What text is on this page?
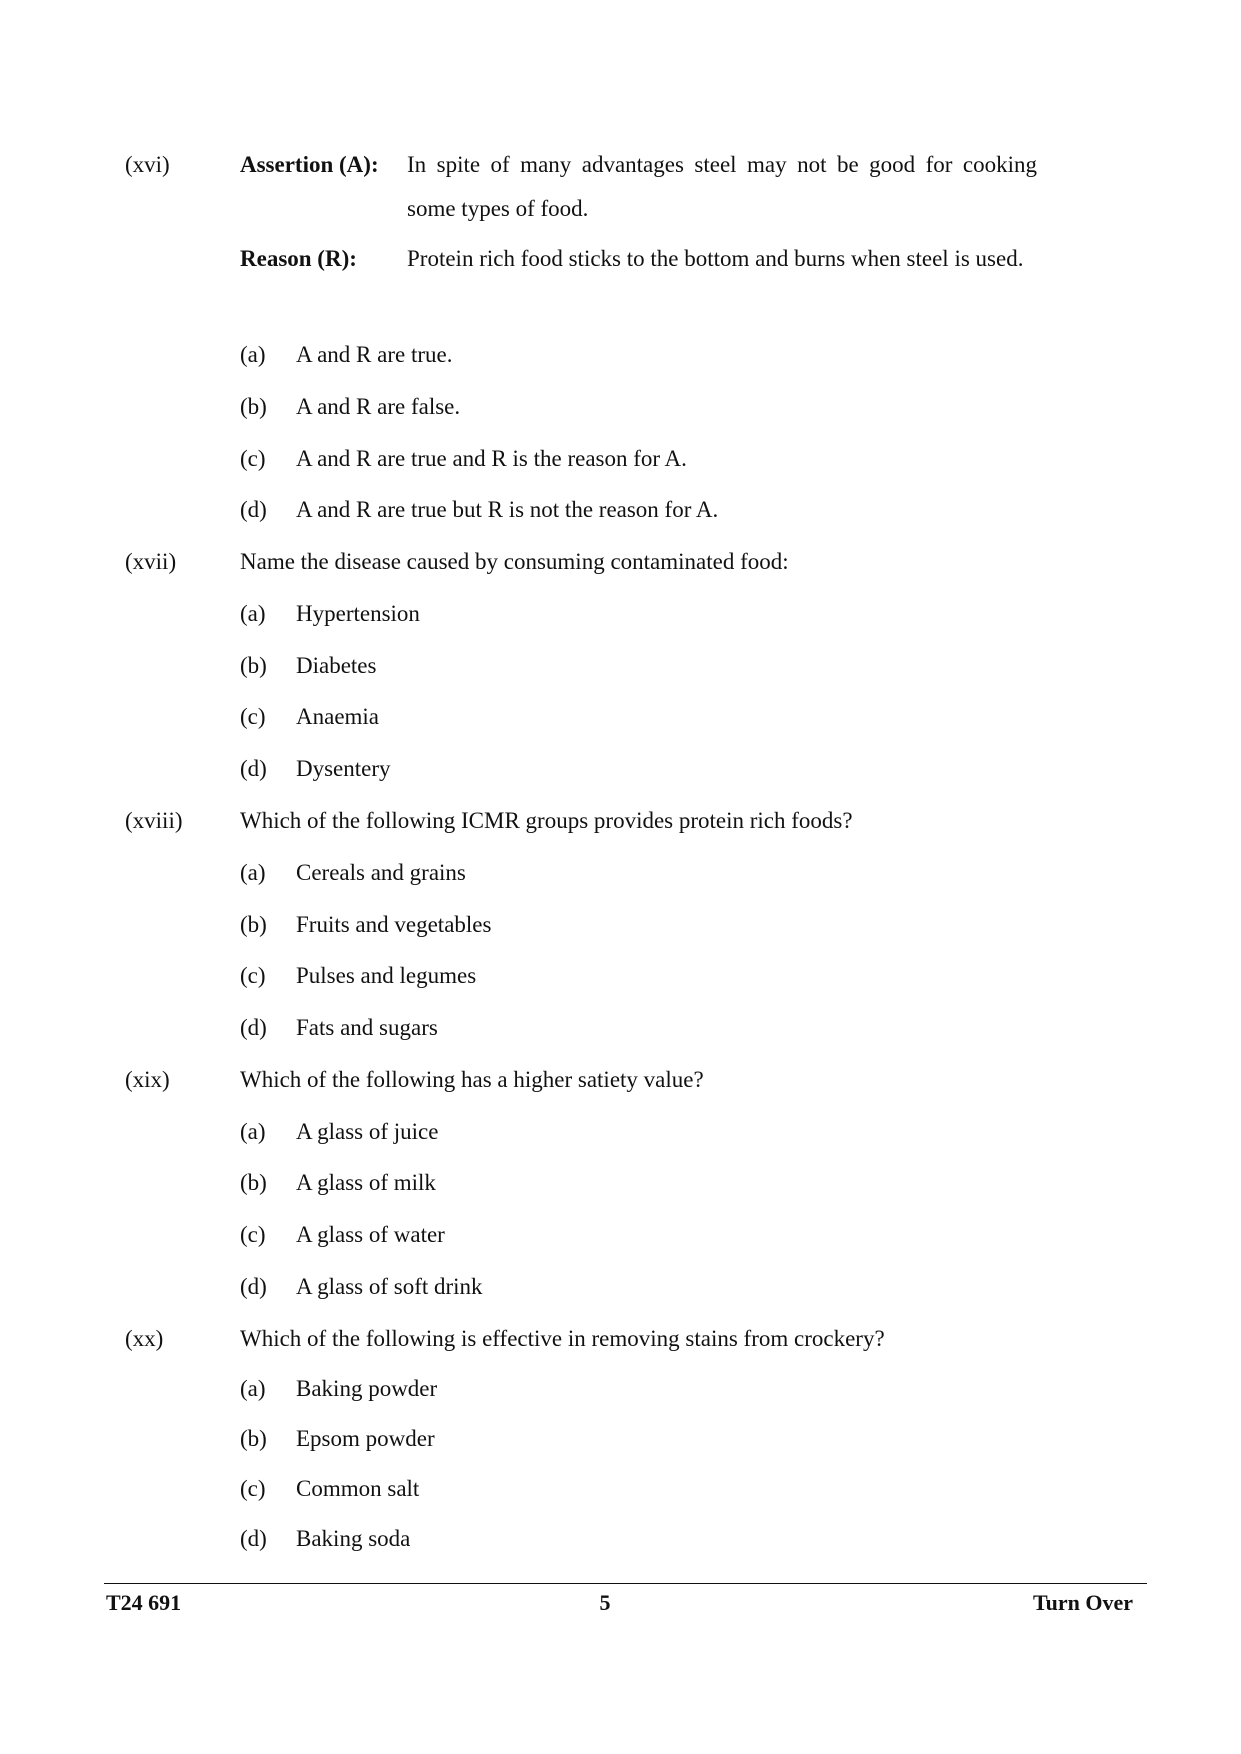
(xvi)	Assertion (A): In spite of many advantages steel may not be good for cooking some types of food.
Reason (R): Protein rich food sticks to the bottom and burns when steel is used.
(a) A and R are true.
(b) A and R are false.
(c) A and R are true and R is the reason for A.
(d) A and R are true but R is not the reason for A.
(xvii)	Name the disease caused by consuming contaminated food:
(a) Hypertension
(b) Diabetes
(c) Anaemia
(d) Dysentery
(xviii)	Which of the following ICMR groups provides protein rich foods?
(a) Cereals and grains
(b) Fruits and vegetables
(c) Pulses and legumes
(d) Fats and sugars
(xix)	Which of the following has a higher satiety value?
(a) A glass of juice
(b) A glass of milk
(c) A glass of water
(d) A glass of soft drink
(xx)	Which of the following is effective in removing stains from crockery?
(a) Baking powder
(b) Epsom powder
(c) Common salt
(d) Baking soda
T24 691	5	Turn Over
